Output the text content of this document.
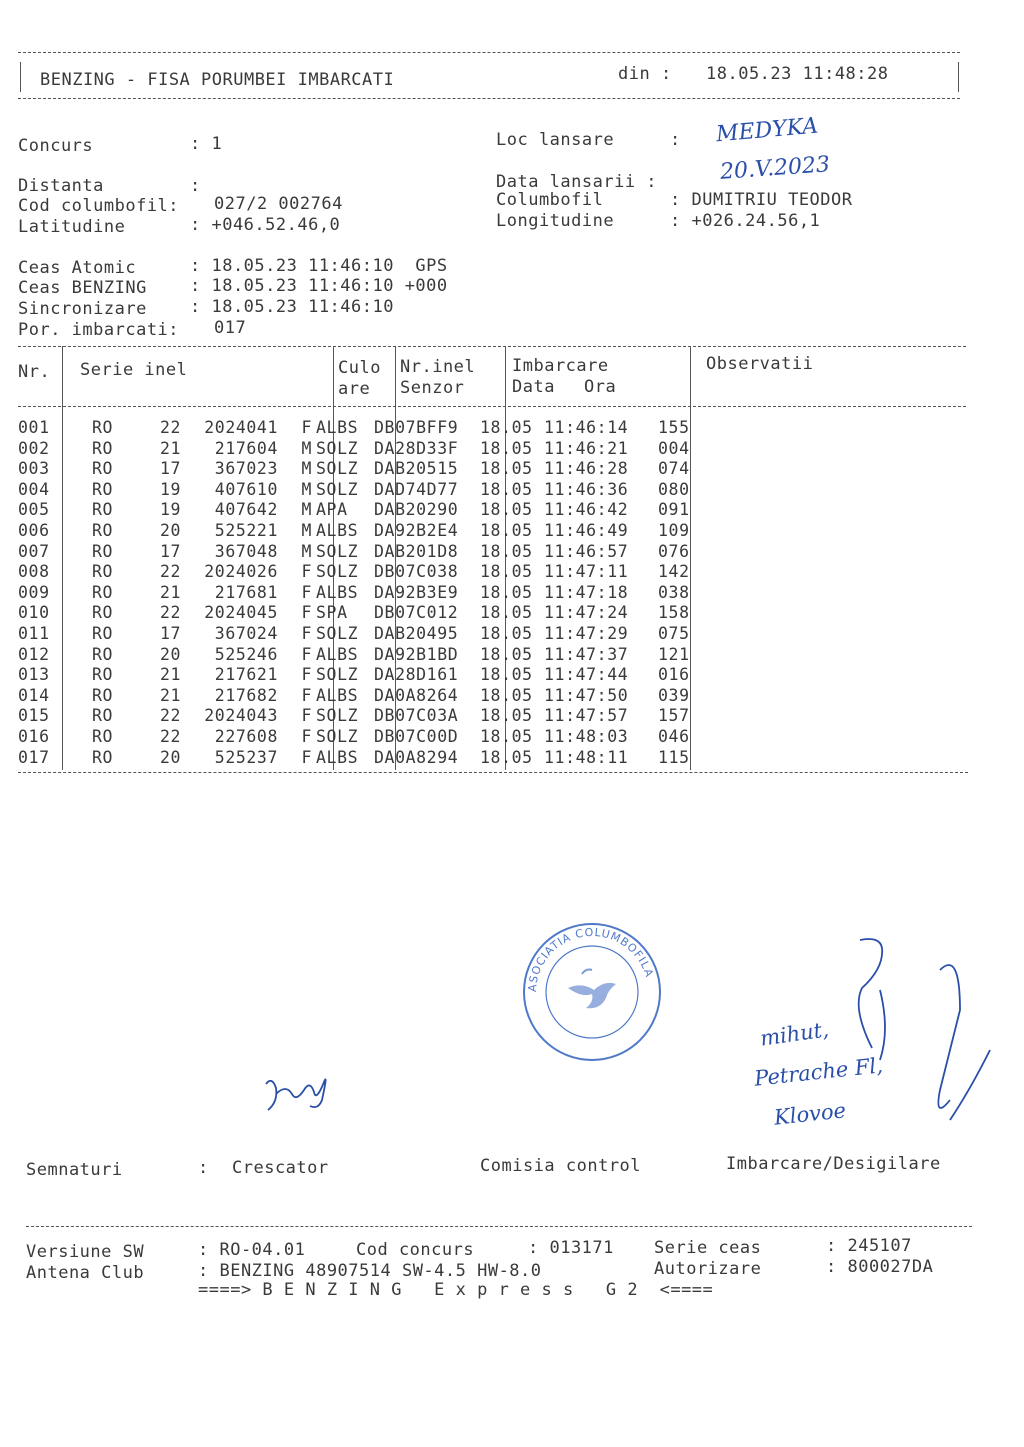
BENZING - FISA PORUMBEI IMBARCATI	din : 18.05.23 11:48:28
Concurs	: 1
Distanta	:
Cod columbofil: 027/2 002764
Latitudine	: +046.52.46,0
Loc lansare	: MEDYKA
20.V.2023
Data lansarii :
Columbofil	: DUMITRIU TEODOR
Longitudine	: +026.24.56,1
Ceas Atomic	: 18.05.23 11:46:10  GPS
Ceas BENZING	: 18.05.23 11:46:10 +000
Sincronizare	: 18.05.23 11:46:10
Por. imbarcati: 017
Nr. Serie inel	Culo
are
Nr.inel
Senzor
Imbarcare
Data Ora
Observatii
001	RO	22	2024041	F	ALBS	DB07BFF9	18.05	11:46:14	155
002	RO	21	217604	M	SOLZ	DA28D33F	18.05	11:46:21	004
003	RO	17	367023	M	SOLZ	DAB20515	18.05	11:46:28	074
004	RO	19	407610	M	SOLZ	DAD74D77	18.05	11:46:36	080
005	RO	19	407642	M	APA	DAB20290	18.05	11:46:42	091
006	RO	20	525221	M	ALBS	DA92B2E4	18.05	11:46:49	109
007	RO	17	367048	M	SOLZ	DAB201D8	18.05	11:46:57	076
008	RO	22	2024026	F	SOLZ	DB07C038	18.05	11:47:11	142
009	RO	21	217681	F	ALBS	DA92B3E9	18.05	11:47:18	038
010	RO	22	2024045	F	SPA	DB07C012	18.05	11:47:24	158
011	RO	17	367024	F	SOLZ	DAB20495	18.05	11:47:29	075
012	RO	20	525246	F	ALBS	DA92B1BD	18.05	11:47:37	121
013	RO	21	217621	F	SOLZ	DA28D161	18.05	11:47:44	016
014	RO	21	217682	F	ALBS	DA0A8264	18.05	11:47:50	039
015	RO	22	2024043	F	SOLZ	DB07C03A	18.05	11:47:57	157
016	RO	22	227608	F	SOLZ	DB07C00D	18.05	11:48:03	046
017	RO	20	525237	F	ALBS	DA0A8294	18.05	11:48:11	115
ASOCIATIA COLUMBOFILA
mihut,
Petrache Fl,
Klovoe
Semnaturi	: Crescator	Comisia control	Imbarcare/Desigilare
Versiune SW	: RO-04.01	Cod concurs	: 013171 Serie ceas	: 245107
Antena Club	: BENZING 48907514 SW-4.5 HW-8.0	Autorizare	: 800027DA
====> B E N Z I N G   E x p r e s s   G 2  <====
